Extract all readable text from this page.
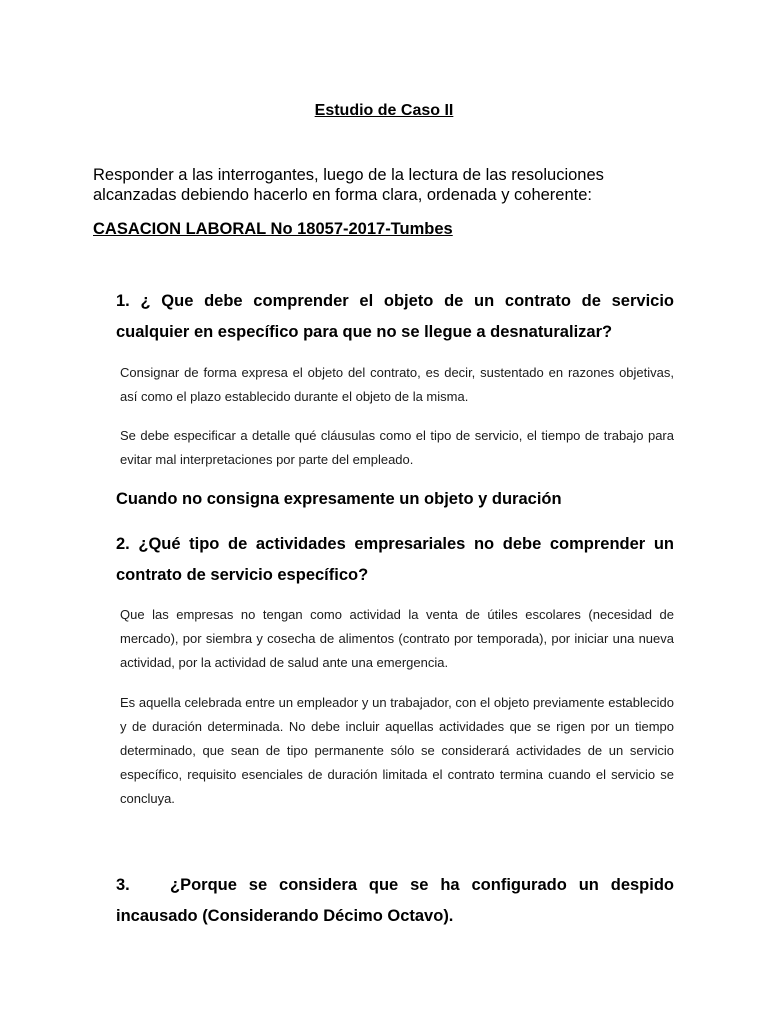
Estudio de Caso II
Responder a las interrogantes, luego de la lectura de las resoluciones alcanzadas debiendo hacerlo en forma clara, ordenada y coherente:
CASACION LABORAL No 18057-2017-Tumbes
1. ¿ Que debe comprender el objeto de un contrato de servicio cualquier en específico para que no se llegue a desnaturalizar?
Consignar de forma expresa el objeto del contrato, es decir, sustentado en razones objetivas, así como el plazo establecido durante el objeto de la misma.
Se debe especificar a detalle qué cláusulas como el tipo de servicio, el tiempo de trabajo para evitar mal interpretaciones por parte del empleado.
Cuando no consigna expresamente un objeto y duración
2. ¿Qué tipo de actividades empresariales no debe comprender un contrato de servicio específico?
Que las empresas no tengan como actividad la venta de útiles escolares (necesidad de mercado), por siembra y cosecha de alimentos (contrato por temporada), por iniciar una nueva actividad, por la actividad de salud ante una emergencia.
Es aquella celebrada entre un empleador y un trabajador, con el objeto previamente establecido y de duración determinada. No debe incluir aquellas actividades que se rigen por un tiempo determinado, que sean de tipo permanente sólo se considerará actividades de un servicio específico, requisito esenciales de duración limitada el contrato termina cuando el servicio se concluya.
3. ¿Porque se considera que se ha configurado un despido incausado (Considerando Décimo Octavo).
